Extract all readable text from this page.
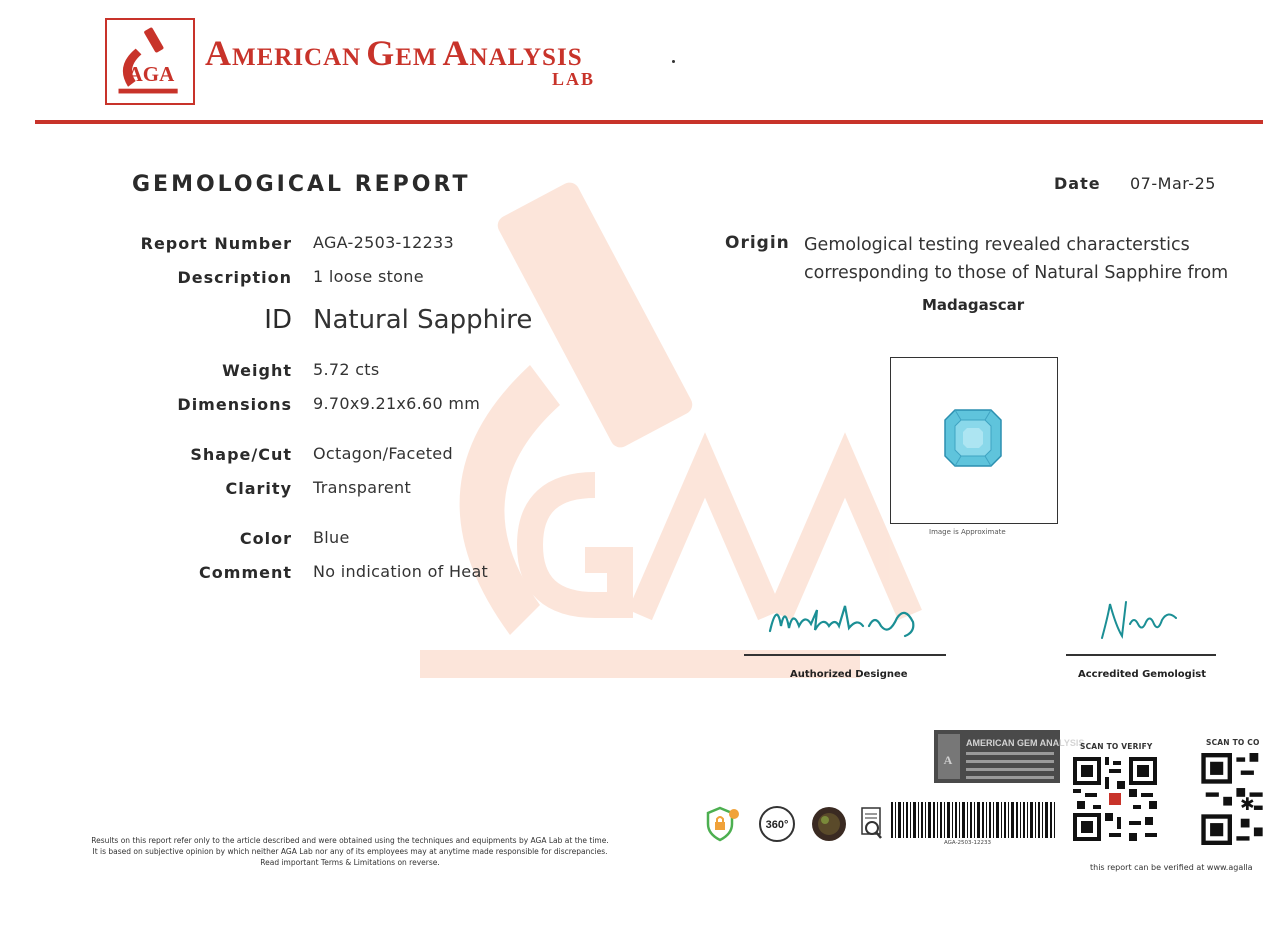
AGA
AMERICAN GEM ANALYSIS
LAB
GEMOLOGICAL REPORT	Date 07-Mar-25
Report Number AGA-2503-12233
Description 1 loose stone
ID Natural Sapphire
Weight 5.72 cts
Dimensions 9.70x9.21x6.60 mm
Shape/Cut Octagon/Faceted
Clarity Transparent
Color Blue
Comment No indication of Heat
Origin Gemological testing revealed characterstics corresponding to those of Natural Sapphire from
Madagascar
Image is Approximate
Authorized Designee	Accredited Gemologist
A
AMERICAN GEM ANALYSIS
SCAN TO VERIFY	SCAN TO CO
✱
360°
AGA-2503-12233
Results on this report refer only to the article described and were obtained using the techniques and equipments by AGA Lab at the time.
It is based on subjective opinion by which neither AGA Lab nor any of its employees may at anytime made responsible for discrepancies.
Read important Terms & Limitations on reverse.
this report can be verified at www.agalla
